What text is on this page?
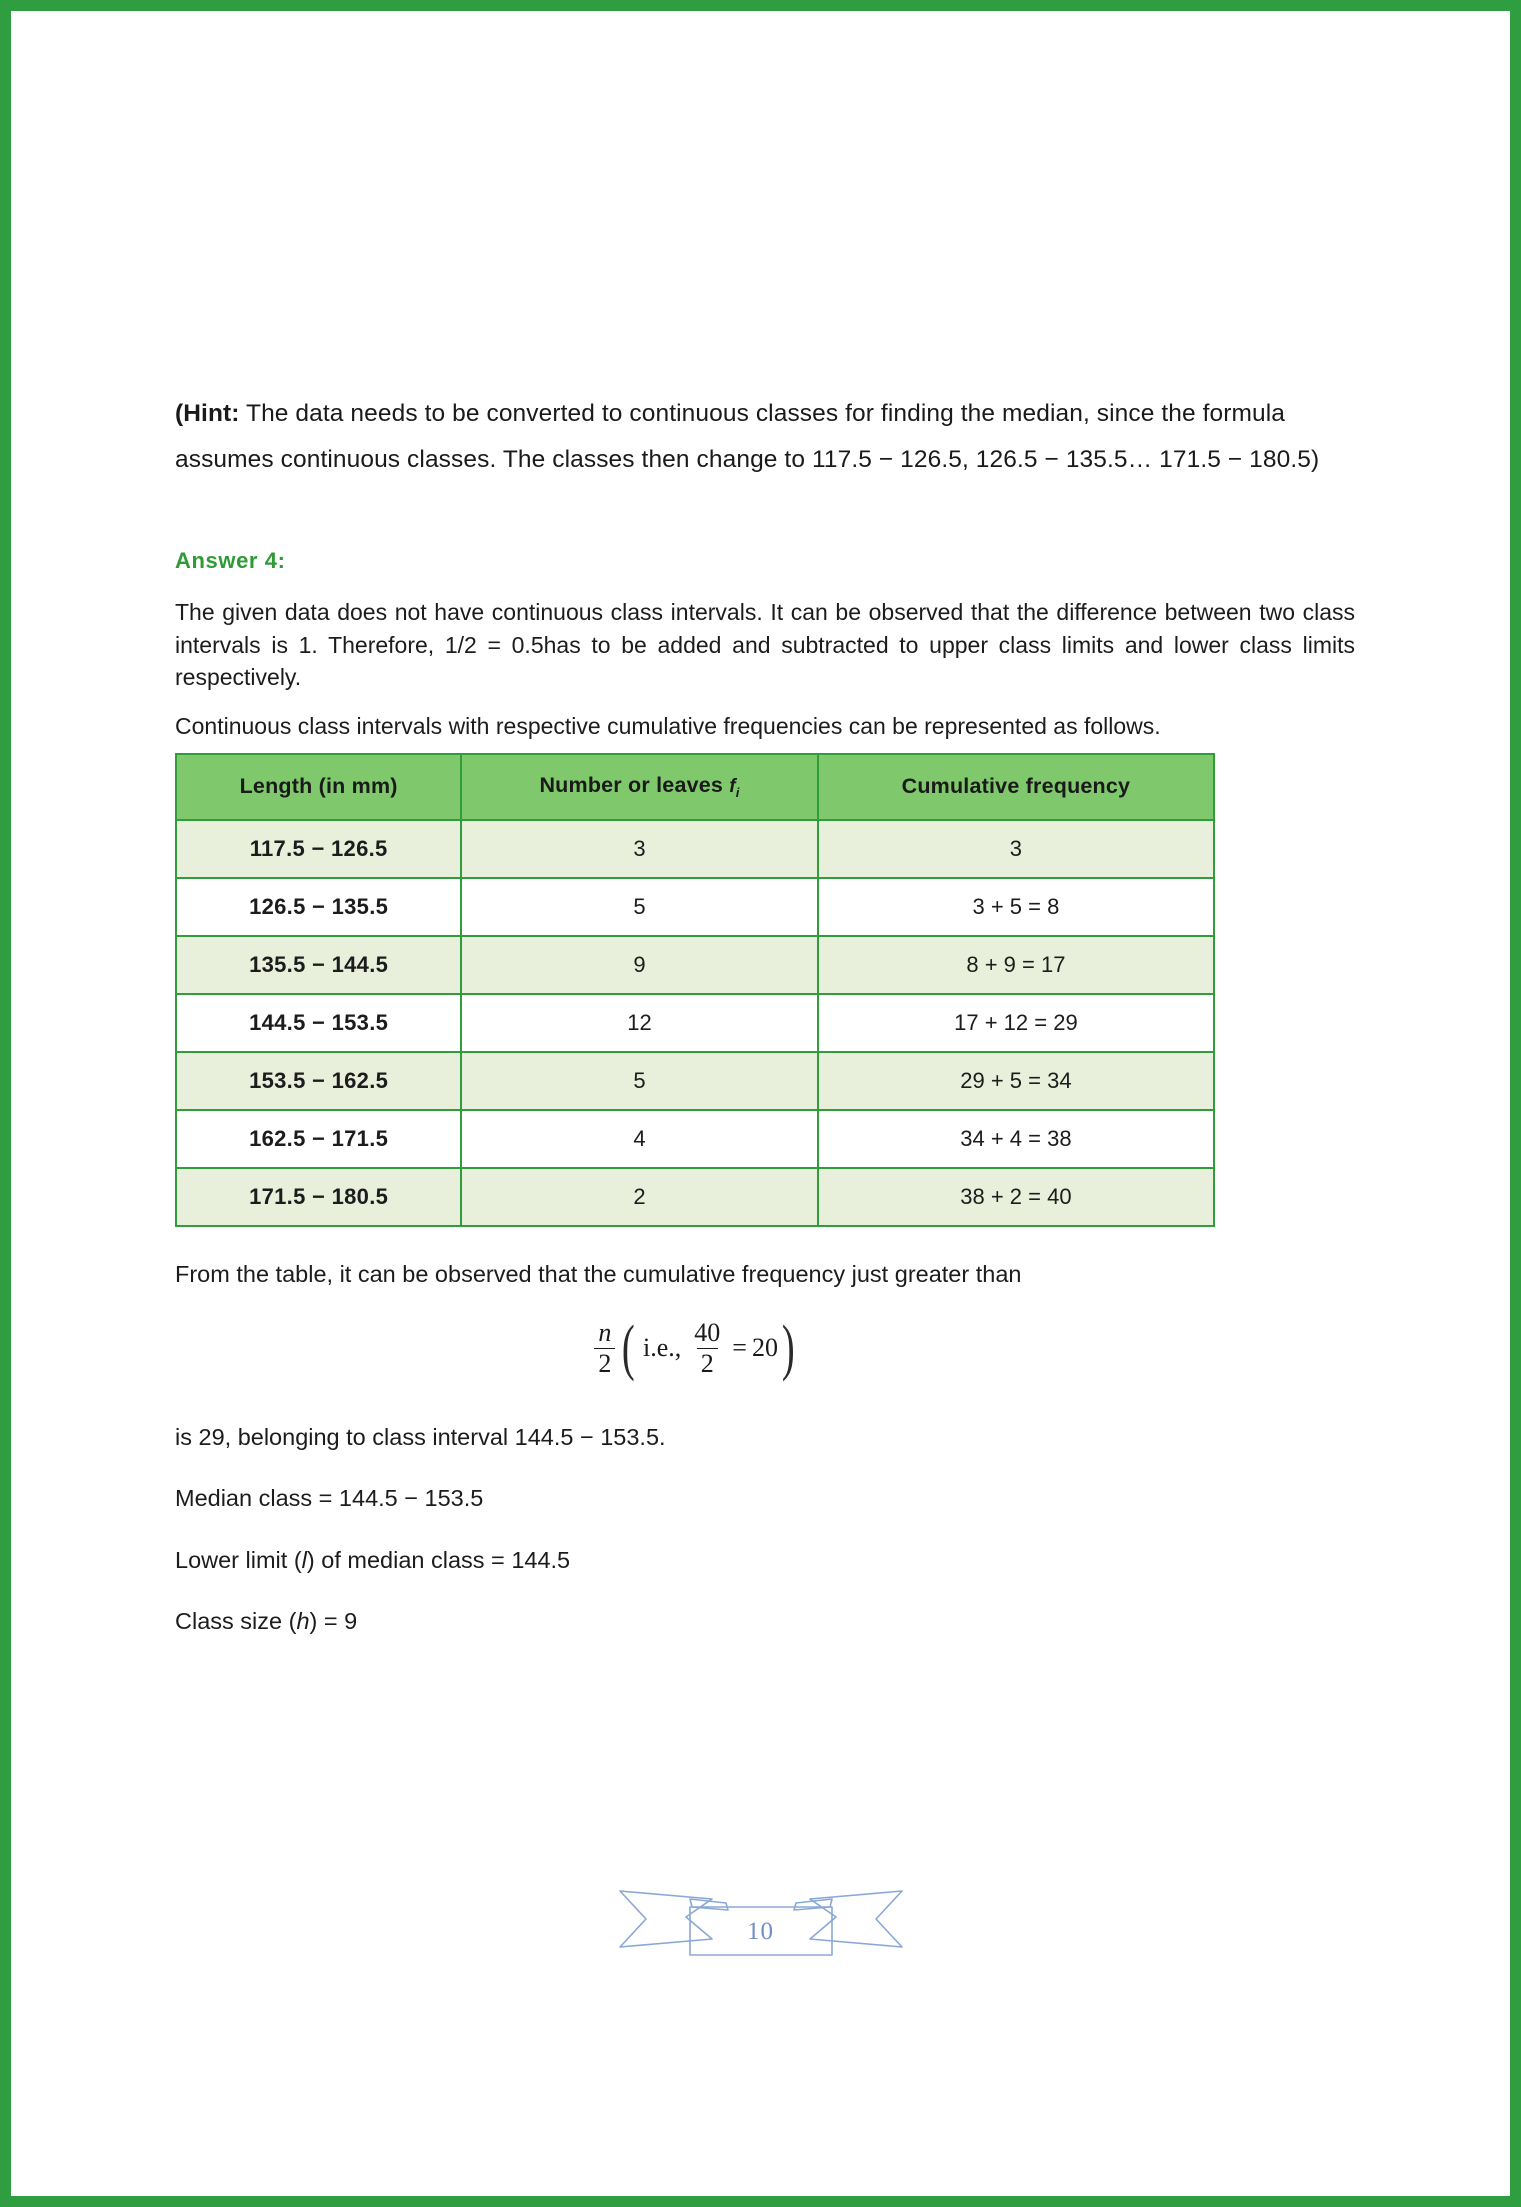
(Hint: The data needs to be converted to continuous classes for finding the median, since the formula assumes continuous classes. The classes then change to 117.5 − 126.5, 126.5 − 135.5… 171.5 − 180.5)
Answer 4:
The given data does not have continuous class intervals. It can be observed that the difference between two class intervals is 1. Therefore, 1/2 = 0.5has to be added and subtracted to upper class limits and lower class limits respectively.
Continuous class intervals with respective cumulative frequencies can be represented as follows.
Length (in mm)	Number or leaves $f_i$	Cumulative frequency
117.5 − 126.5	3	3
126.5 − 135.5	5	3 + 5 = 8
135.5 − 144.5	9	8 + 9 = 17
144.5 − 153.5	12	17 + 12 = 29
153.5 − 162.5	5	29 + 5 = 34
162.5 − 171.5	4	34 + 4 = 38
171.5 − 180.5	2	38 + 2 = 40
From the table, it can be observed that the cumulative frequency just greater than
$\frac{n}{2}$ ( i.e., $\frac{40}{2} = 20$ )
is 29, belonging to class interval 144.5 − 153.5.
Median class = 144.5 − 153.5
Lower limit (l) of median class = 144.5
Class size (h) = 9
10
